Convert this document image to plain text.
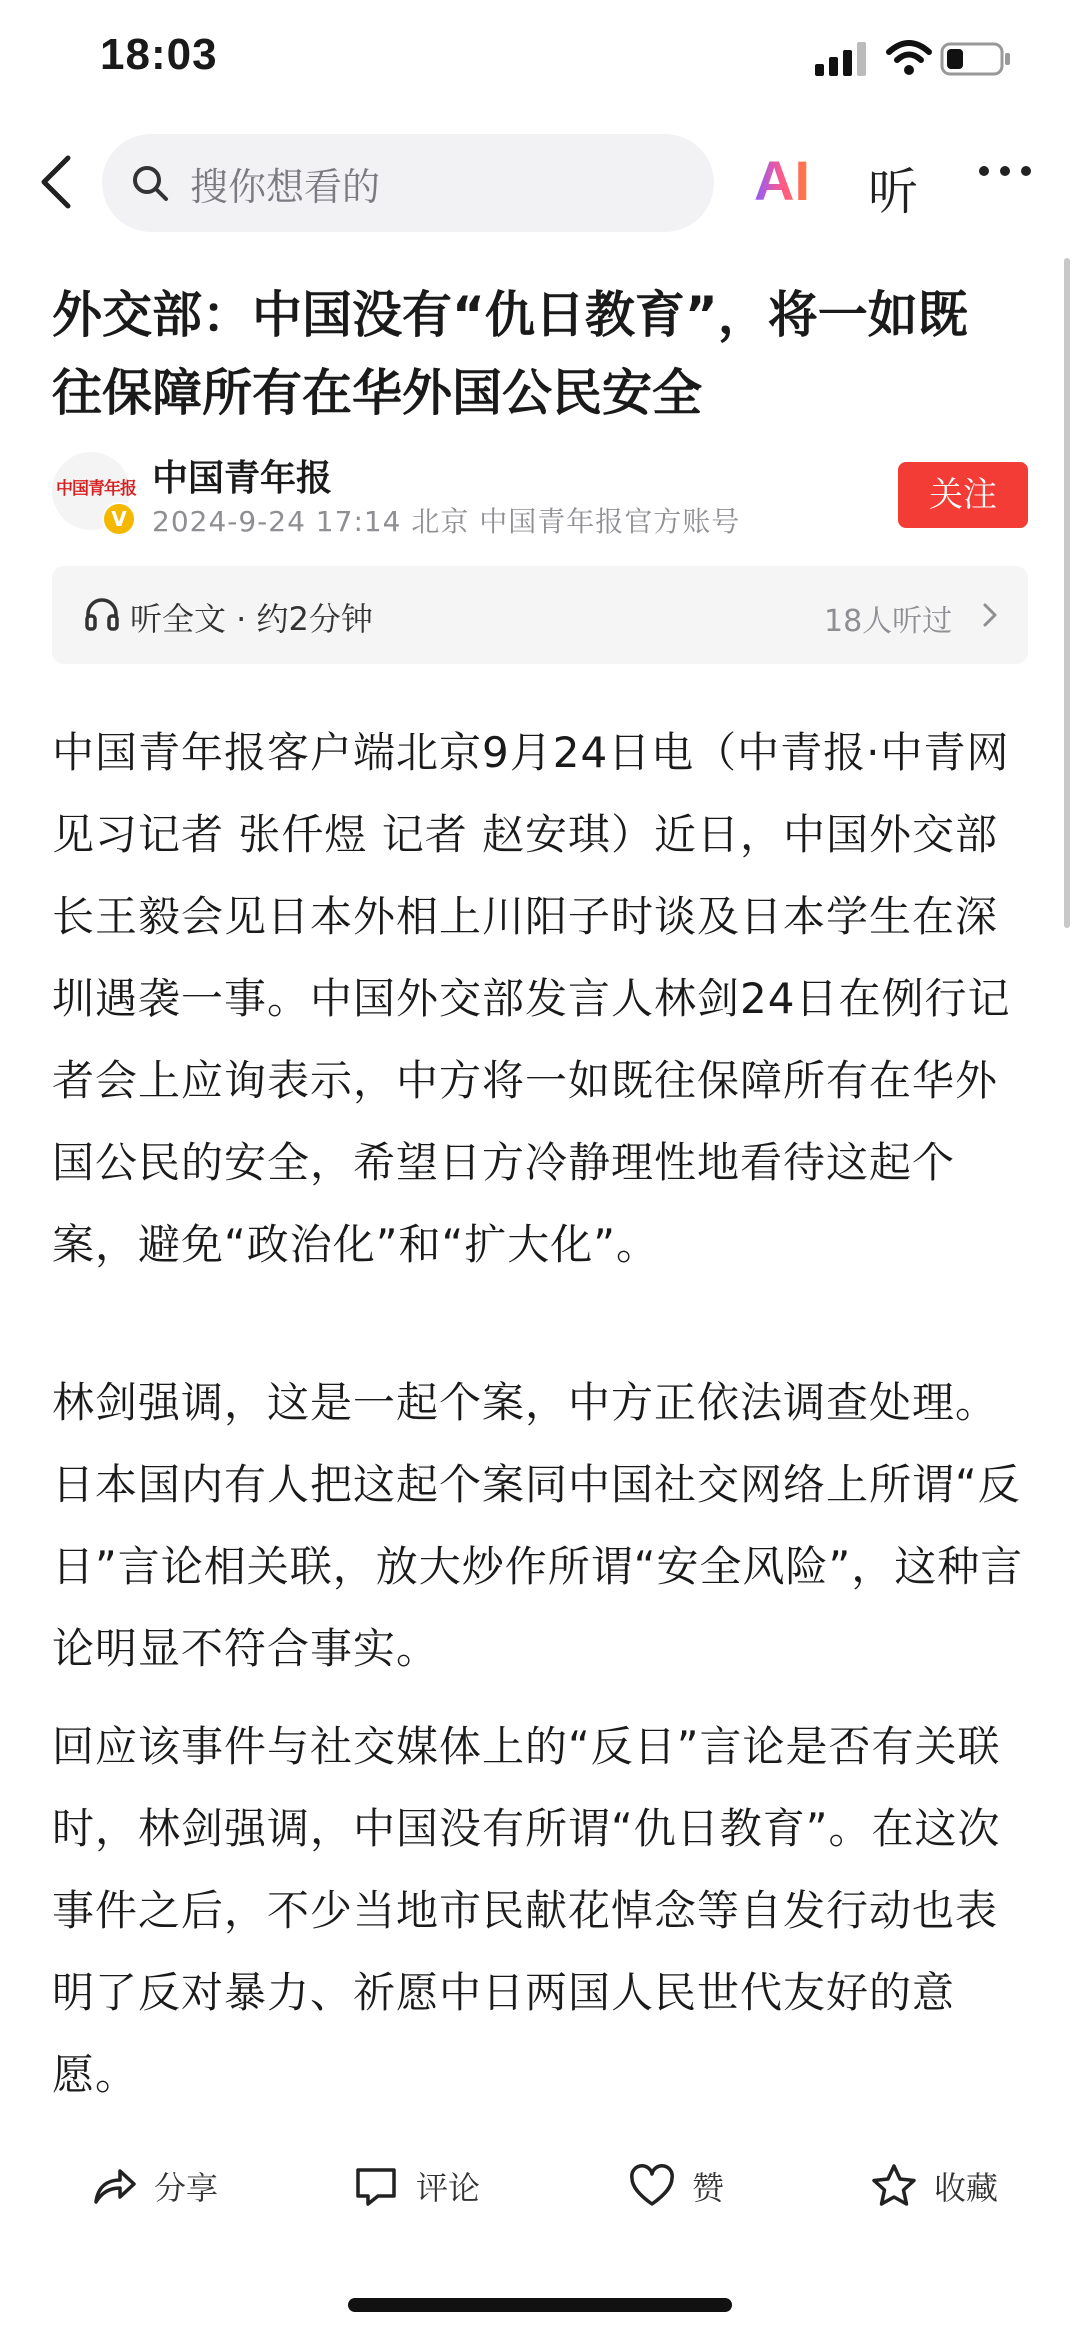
18:03
搜你想看的	AI 听
外交部：中国没有“仇日教育”，将一如既往保障所有在华外国公民安全
中国青年报
V
中国青年报
2024-9-24 17:14 北京 中国青年报官方账号
关注
听全文 · 约2分钟	18人听过

中国青年报客户端北京9月24日电（中青报·中青网见习记者 张仟煜 记者 赵安琪）近日，中国外交部长王毅会见日本外相上川阳子时谈及日本学生在深圳遇袭一事。中国外交部发言人林剑24日在例行记者会上应询表示，中方将一如既往保障所有在华外国公民的安全，希望日方冷静理性地看待这起个案，避免“政治化”和“扩大化”。

林剑强调，这是一起个案，中方正依法调查处理。日本国内有人把这起个案同中国社交网络上所谓“反日”言论相关联，放大炒作所谓“安全风险”，这种言论明显不符合事实。

回应该事件与社交媒体上的“反日”言论是否有关联时，林剑强调，中国没有所谓“仇日教育”。在这次事件之后，不少当地市民献花悼念等自发行动也表明了反对暴力、祈愿中日两国人民世代友好的意愿。

分享	评论	赞	收藏
